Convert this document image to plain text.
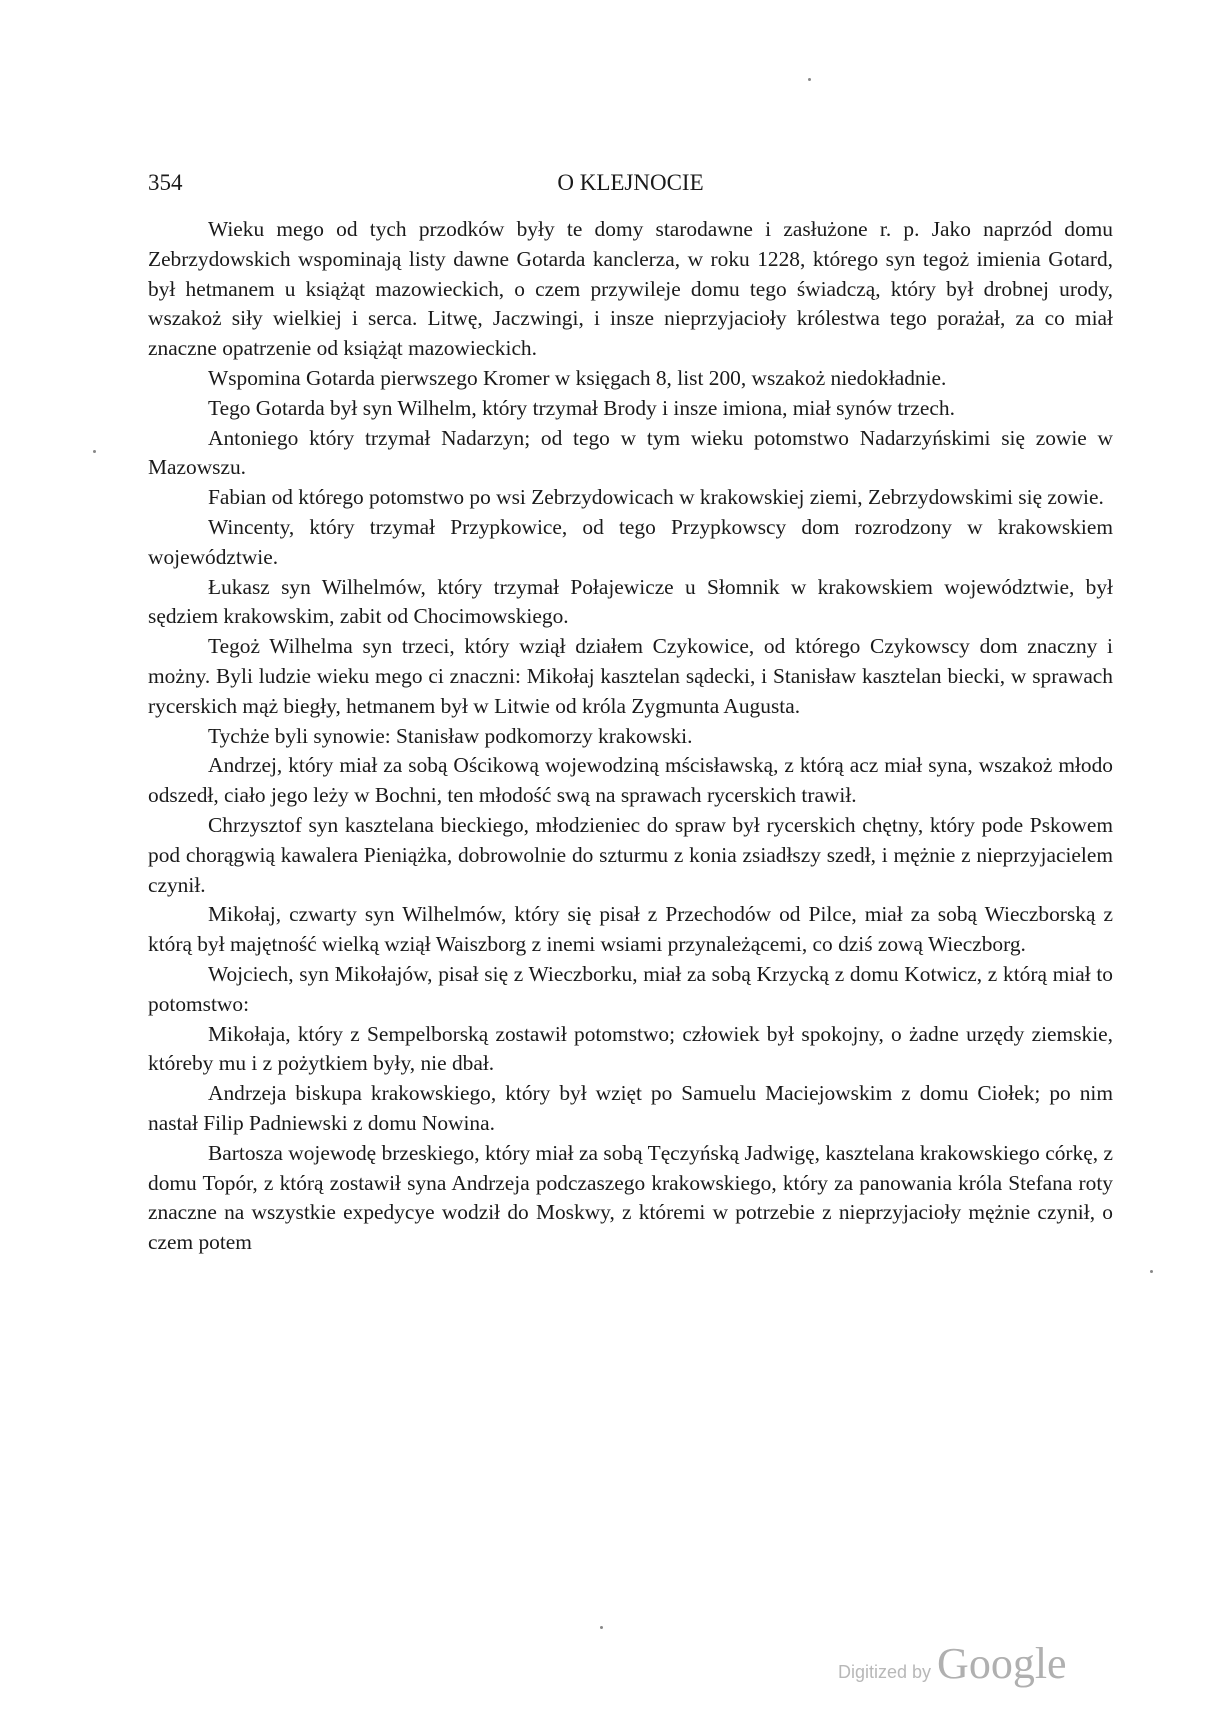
354	O KLEJNOCIE

Wieku mego od tych przodków były te domy starodawne i zasłużone r. p. Jako naprzód domu Zebrzydowskich wspominają listy dawne Gotarda kanclerza, w roku 1228, którego syn tegoż imienia Gotard, był hetmanem u książąt mazowieckich, o czem przywileje domu tego świadczą, który był drobnej urody, wszakoż siły wielkiej i serca. Litwę, Jaczwingi, i insze nieprzyjacioły królestwa tego porażał, za co miał znaczne opatrzenie od książąt mazowieckich.

Wspomina Gotarda pierwszego Kromer w księgach 8, list 200, wszakoż niedokładnie.

Tego Gotarda był syn Wilhelm, który trzymał Brody i insze imiona, miał synów trzech.

Antoniego który trzymał Nadarzyn; od tego w tym wieku potomstwo Nadarzyńskimi się zowie w Mazowszu.

Fabian od którego potomstwo po wsi Zebrzydowicach w krakowskiej ziemi, Zebrzydowskimi się zowie.

Wincenty, który trzymał Przypkowice, od tego Przypkowscy dom rozrodzony w krakowskiem województwie.

Łukasz syn Wilhelmów, który trzymał Połajewicze u Słomnik w krakowskiem województwie, był sędziem krakowskim, zabit od Chocimowskiego.

Tegoż Wilhelma syn trzeci, który wziął działem Czykowice, od którego Czykowscy dom znaczny i możny. Byli ludzie wieku mego ci znaczni: Mikołaj kasztelan sądecki, i Stanisław kasztelan biecki, w sprawach rycerskich mąż biegły, hetmanem był w Litwie od króla Zygmunta Augusta.

Tychże byli synowie: Stanisław podkomorzy krakowski.

Andrzej, który miał za sobą Ościkową wojewodziną mścisławską, z którą acz miał syna, wszakoż młodo odszedł, ciało jego leży w Bochni, ten młodość swą na sprawach rycerskich trawił.

Chrzysztof syn kasztelana bieckiego, młodzieniec do spraw był rycerskich chętny, który pode Pskowem pod chorągwią kawalera Pieniążka, dobrowolnie do szturmu z konia zsiadłszy szedł, i mężnie z nieprzyjacielem czynił.

Mikołaj, czwarty syn Wilhelmów, który się pisał z Przechodów od Pilce, miał za sobą Wieczborską z którą był majętność wielką wziął Waiszborg z inemi wsiami przynależącemi, co dziś zową Wieczborg.

Wojciech, syn Mikołajów, pisał się z Wieczborku, miał za sobą Krzycką z domu Kotwicz, z którą miał to potomstwo:

Mikołaja, który z Sempelborską zostawił potomstwo; człowiek był spokojny, o żadne urzędy ziemskie, któreby mu i z pożytkiem były, nie dbał.

Andrzeja biskupa krakowskiego, który był wzięt po Samuelu Maciejowskim z domu Ciołek; po nim nastał Filip Padniewski z domu Nowina.

Bartosza wojewodę brzeskiego, który miał za sobą Tęczyńską Jadwigę, kasztelana krakowskiego córkę, z domu Topór, z którą zostawił syna Andrzeja podczaszego krakowskiego, który za panowania króla Stefana roty znaczne na wszystkie expedycye wodził do Moskwy, z któremi w potrzebie z nieprzyjacioły mężnie czynił, o czem potem

Digitized by Google
